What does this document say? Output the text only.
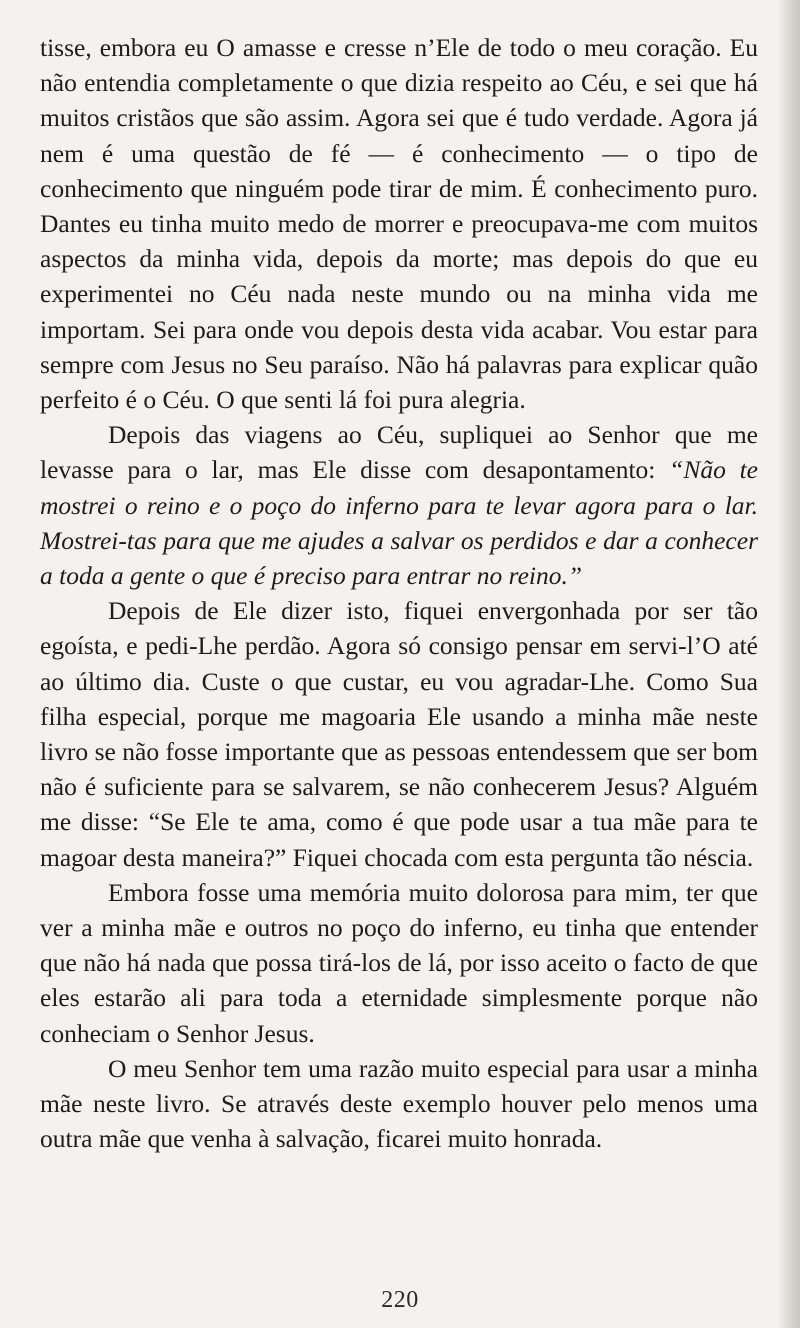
tisse, embora eu O amasse e cresse n’Ele de todo o meu coração. Eu não entendia completamente o que dizia respeito ao Céu, e sei que há muitos cristãos que são assim. Agora sei que é tudo verdade. Agora já nem é uma questão de fé — é conhecimento — o tipo de conhecimento que ninguém pode tirar de mim. É conhecimento puro. Dantes eu tinha muito medo de morrer e preocupava-me com muitos aspectos da minha vida, depois da morte; mas depois do que eu experimentei no Céu nada neste mundo ou na minha vida me importam. Sei para onde vou depois desta vida acabar. Vou estar para sempre com Jesus no Seu paraíso. Não há palavras para explicar quão perfeito é o Céu. O que senti lá foi pura alegria.

Depois das viagens ao Céu, supliquei ao Senhor que me levasse para o lar, mas Ele disse com desapontamento: “Não te mostrei o reino e o poço do inferno para te levar agora para o lar. Mostrei-tas para que me ajudes a salvar os perdidos e dar a conhecer a toda a gente o que é preciso para entrar no reino.”

Depois de Ele dizer isto, fiquei envergonhada por ser tão egoísta, e pedi-Lhe perdão. Agora só consigo pensar em servi-l’O até ao último dia. Custe o que custar, eu vou agradar-Lhe. Como Sua filha especial, porque me magoaria Ele usando a minha mãe neste livro se não fosse importante que as pessoas entendessem que ser bom não é suficiente para se salvarem, se não conhecerem Jesus? Alguém me disse: “Se Ele te ama, como é que pode usar a tua mãe para te magoar desta maneira?” Fiquei chocada com esta pergunta tão néscia.

Embora fosse uma memória muito dolorosa para mim, ter que ver a minha mãe e outros no poço do inferno, eu tinha que entender que não há nada que possa tirá-los de lá, por isso aceito o facto de que eles estarão ali para toda a eternidade simplesmente porque não conheciam o Senhor Jesus.

O meu Senhor tem uma razão muito especial para usar a minha mãe neste livro. Se através deste exemplo houver pelo menos uma outra mãe que venha à salvação, ficarei muito honrada.

220
